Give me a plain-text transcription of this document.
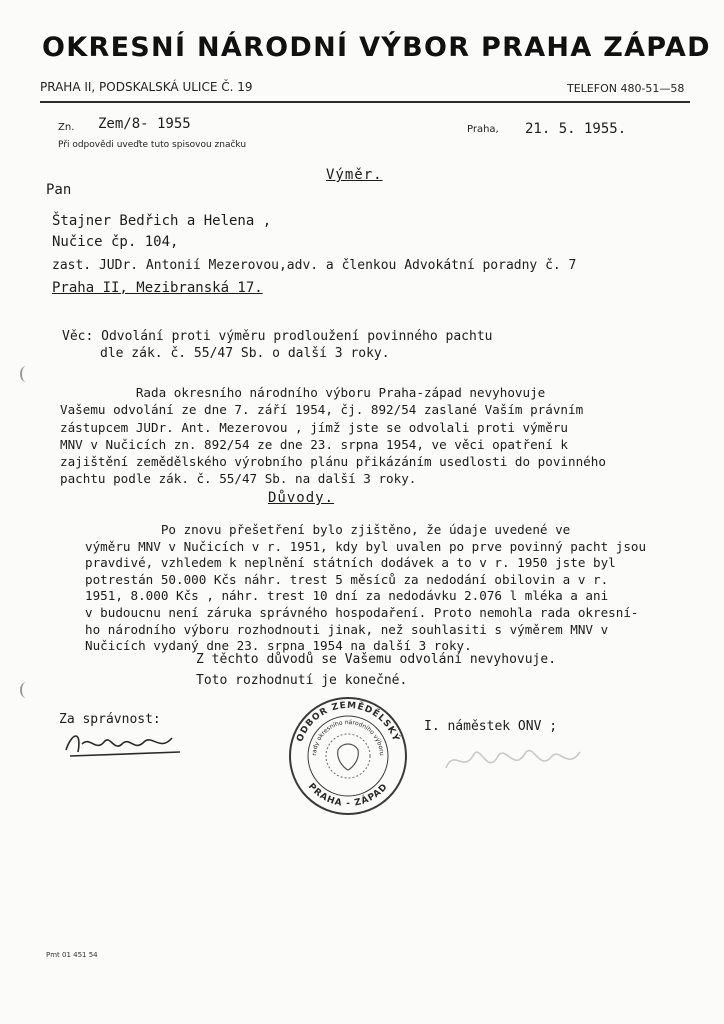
OKRESNÍ NÁRODNÍ VÝBOR PRAHA ZÁPAD
PRAHA II, PODSKALSKÁ ULICE Č. 19	TELEFON 480-51—58
Zn. Zem/8- 1955
Při odpovědi uveďte tuto spisovou značku
Praha, 21. 5. 1955.
Výměr.
Pan
Štajner Bedřich a Helena ,
Nučice čp. 104,
zast. JUDr. Antonií Mezerovou,adv. a členkou Advokátní poradny č. 7
Praha II, Mezibranská 17.
Věc: Odvolání proti výměru prodloužení povinného pachtu
dle zák. č. 55/47 Sb. o další 3 roky.
Rada okresního národního výboru Praha-západ nevyhovuje
Vašemu odvolání ze dne 7. září 1954, čj. 892/54 zaslané Vaším právním
zástupcem JUDr. Ant. Mezerovou , jímž jste se odvolali proti výměru
MNV v Nučicích zn. 892/54 ze dne 23. srpna 1954, ve věci opatření k
zajištění zemědělského výrobního plánu přikázáním usedlosti do povinného
pachtu podle zák. č. 55/47 Sb. na další 3 roky.
Důvody.
Po znovu přešetření bylo zjištěno, že údaje uvedené ve
výměru MNV v Nučicích v r. 1951, kdy byl uvalen po prve povinný pacht jsou
pravdivé, vzhledem k neplnění státních dodávek a to v r. 1950 jste byl
potrestán 50.000 Kčs náhr. trest 5 měsíců za nedodání obilovin a v r.
1951, 8.000 Kčs , náhr. trest 10 dní za nedodávku 2.076 l mléka a ani
v budoucnu není záruka správného hospodaření. Proto nemohla rada okresní-
ho národního výboru rozhodnouti jinak, než souhlasiti s výměrem MNV v
Nučicích vydaný dne 23. srpna 1954 na další 3 roky.
Z těchto důvodů se Vašemu odvolání nevyhovuje.
Toto rozhodnutí je konečné.
Za správnost:	I. náměstek ONV ;
ODBOR ZEMĚDĚLSKÝ
rady okresního národního výboru
PRAHA - ZÁPAD
Pmt 01 451 54
